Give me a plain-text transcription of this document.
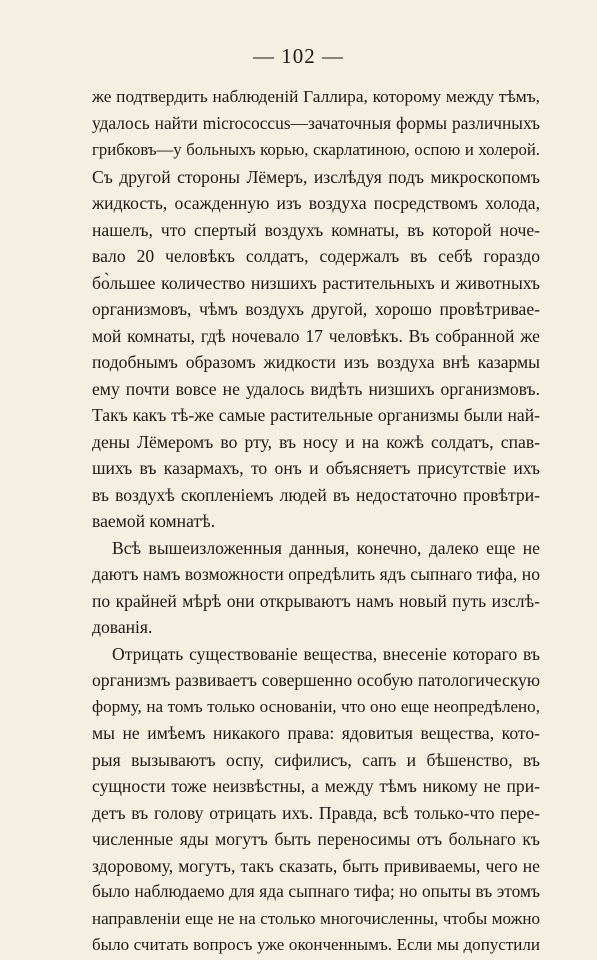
— 102 —
же подтвердить наблюденій Галлира, которому между тѣмъ,
удалось найти micrococcus—зачаточныя формы различныхъ
грибковъ—у больныхъ корью, скарлатиною, оспою и холерой.
Съ другой стороны Лёмеръ, изслѣдуя подъ микроскопомъ
жидкость, осажденную изъ воздуха посредствомъ холода,
нашелъ, что спертый воздухъ комнаты, въ которой ноче-
вало 20 человѣкъ солдатъ, содержалъ въ себѣ гораздо
бо̀льшее количество низшихъ растительныхъ и животныхъ
организмовъ, чѣмъ воздухъ другой, хорошо провѣтривае-
мой комнаты, гдѣ ночевало 17 человѣкъ. Въ собранной же
подобнымъ образомъ жидкости изъ воздуха внѣ казармы
ему почти вовсе не удалось видѣть низшихъ организмовъ.
Такъ какъ тѣ-же самые растительные организмы были най-
дены Лёмеромъ во рту, въ носу и на кожѣ солдатъ, спав-
шихъ въ казармахъ, то онъ и объясняетъ присутствіе ихъ
въ воздухѣ скопленіемъ людей въ недостаточно провѣтри-
ваемой комнатѣ.
Всѣ вышеизложенныя данныя, конечно, далеко еще не
даютъ намъ возможности опредѣлить ядъ сыпнаго тифа, но
по крайней мѣрѣ они открываютъ намъ новый путь изслѣ-
дованія.
Отрицать существованіе вещества, внесеніе котораго въ
организмъ развиваетъ совершенно особую патологическую
форму, на томъ только основаніи, что оно еще неопредѣлено,
мы не имѣемъ никакого права: ядовитыя вещества, кото-
рыя вызываютъ оспу, сифилисъ, сапъ и бѣшенство, въ
сущности тоже неизвѣстны, а между тѣмъ никому не при-
детъ въ голову отрицать ихъ. Правда, всѣ только-что пере-
численные яды могутъ быть переносимы отъ больнаго къ
здоровому, могутъ, такъ сказать, быть прививаемы, чего не
было наблюдаемо для яда сыпнаго тифа; но опыты въ этомъ
направленіи еще не на столько многочисленны, чтобы можно
было считать вопросъ уже оконченнымъ. Если мы допустили
